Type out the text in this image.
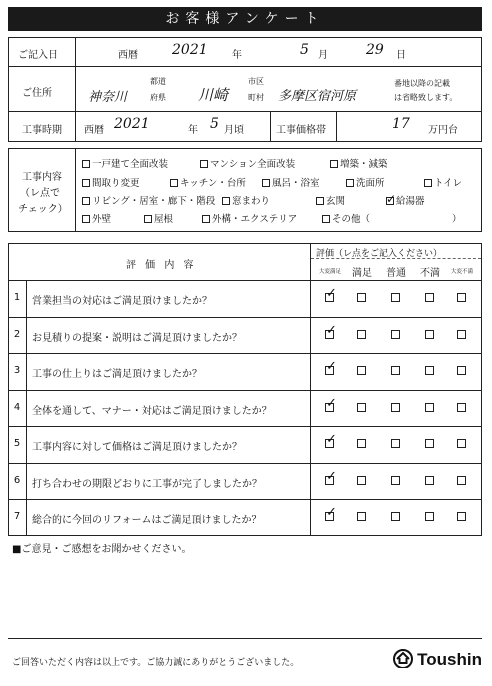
お客様アンケート
ご記入日	西暦 2021 年	5 月	29 日
ご住所	神奈川
都道
府県 川崎
市区
町村 多摩区宿河原
番地以降の記載
は省略致します。
工事時期 西暦 2021	年 5 月頃	工事価格帯	17 万円台
工事内容
（レ点で
チェック）
一戸建て全面改装	マンション全面改装	増築・減築
間取り変更	キッチン・台所	風呂・浴室	洗面所	トイレ
リビング・居室・廊下・階段	窓まわり	玄関
✓	給湯器
外壁	屋根	外構・エクステリア	その他（	）
評 価 内 容
評価（レ点をご記入ください）
大変満足	満足	普通	不満	大変不満
1	営業担当の対応はご満足頂けましたか？
✓
2	お見積りの提案・説明はご満足頂けましたか？
✓
3	工事の仕上りはご満足頂けましたか？
✓
4	全体を通して、マナー・対応はご満足頂けましたか？
✓
5	工事内容に対して価格はご満足頂けましたか？
✓
6	打ち合わせの期限どおりに工事が完了しましたか？
✓
7	総合的に今回のリフォームはご満足頂けましたか？
✓
■ご意見・ご感想をお聞かせください。
ご回答いただく内容は以上です。ご協力誠にありがとうございました。	Toushin
